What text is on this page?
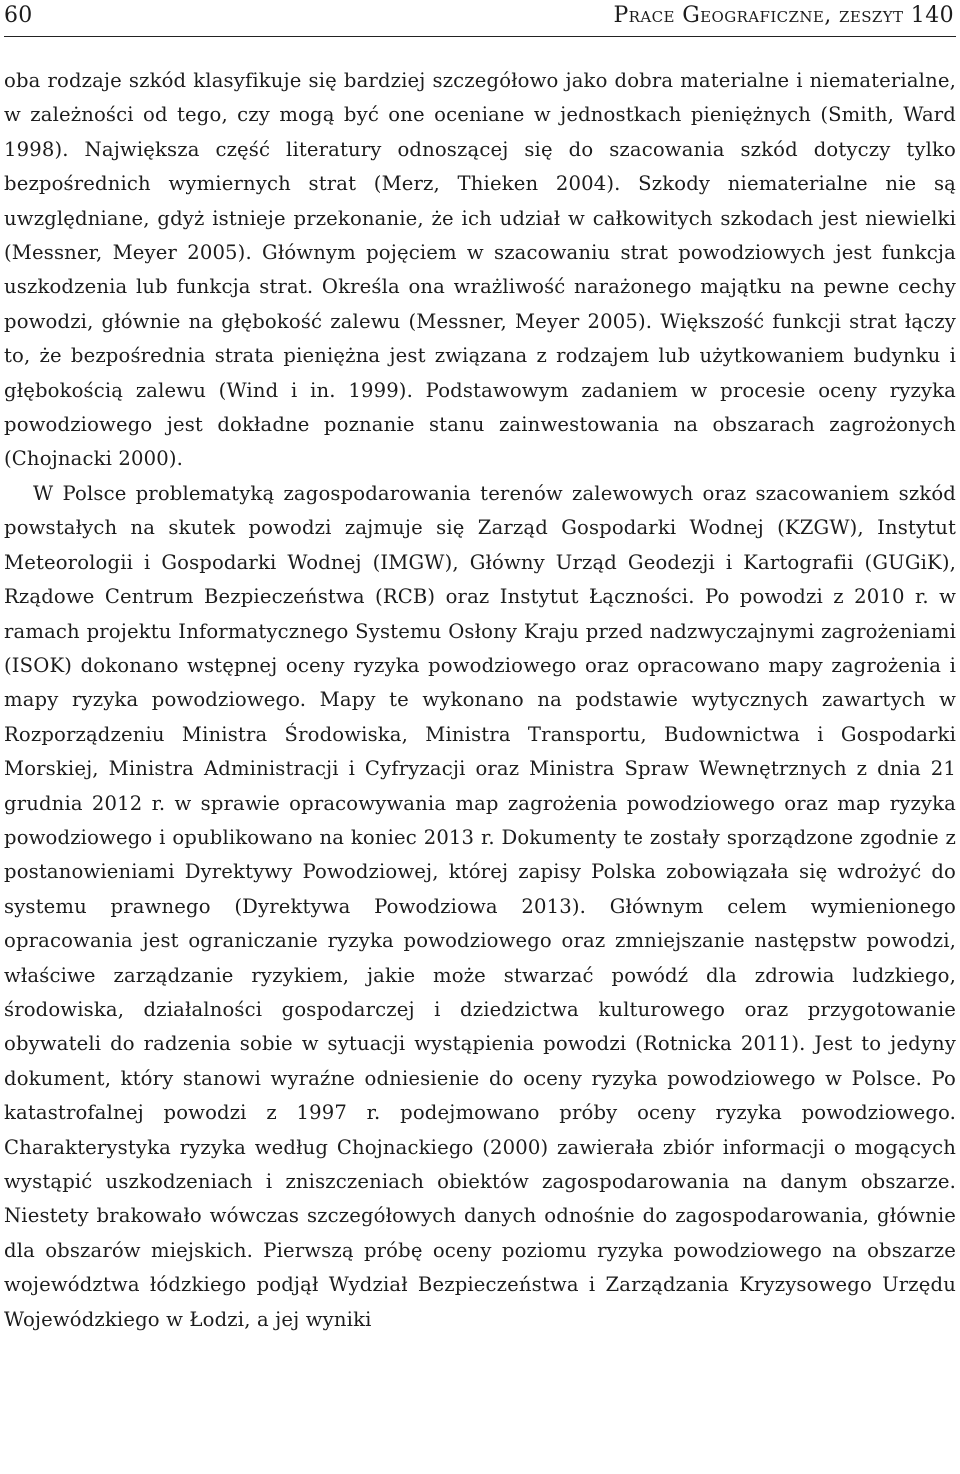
60	Prace Geograficzne, zeszyt 140

oba rodzaje szkód klasyfikuje się bardziej szczegółowo jako dobra materialne i niematerialne, w zależności od tego, czy mogą być one oceniane w jednostkach pieniężnych (Smith, Ward 1998). Największa część literatury odnoszącej się do szacowania szkód dotyczy tylko bezpośrednich wymiernych strat (Merz, Thieken 2004). Szkody niematerialne nie są uwzględniane, gdyż istnieje przekonanie, że ich udział w całkowitych szkodach jest niewielki (Messner, Meyer 2005). Głównym pojęciem w szacowaniu strat powodziowych jest funkcja uszkodzenia lub funkcja strat. Określa ona wrażliwość narażonego majątku na pewne cechy powodzi, głównie na głębokość zalewu (Messner, Meyer 2005). Większość funkcji strat łączy to, że bezpośrednia strata pieniężna jest związana z rodzajem lub użytkowaniem budynku i głębokością zalewu (Wind i in. 1999). Podstawowym zadaniem w procesie oceny ryzyka powodziowego jest dokładne poznanie stanu zainwestowania na obszarach zagrożonych (Chojnacki 2000).

W Polsce problematyką zagospodarowania terenów zalewowych oraz szacowaniem szkód powstałych na skutek powodzi zajmuje się Zarząd Gospodarki Wodnej (KZGW), Instytut Meteorologii i Gospodarki Wodnej (IMGW), Główny Urząd Geodezji i Kartografii (GUGiK), Rządowe Centrum Bezpieczeństwa (RCB) oraz Instytut Łączności. Po powodzi z 2010 r. w ramach projektu Informatycznego Systemu Osłony Kraju przed nadzwyczajnymi zagrożeniami (ISOK) dokonano wstępnej oceny ryzyka powodziowego oraz opracowano mapy zagrożenia i mapy ryzyka powodziowego. Mapy te wykonano na podstawie wytycznych zawartych w Rozporządzeniu Ministra Środowiska, Ministra Transportu, Budownictwa i Gospodarki Morskiej, Ministra Administracji i Cyfryzacji oraz Ministra Spraw Wewnętrznych z dnia 21 grudnia 2012 r. w sprawie opracowywania map zagrożenia powodziowego oraz map ryzyka powodziowego i opublikowano na koniec 2013 r. Dokumenty te zostały sporządzone zgodnie z postanowieniami Dyrektywy Powodziowej, której zapisy Polska zobowiązała się wdrożyć do systemu prawnego (Dyrektywa Powodziowa 2013). Głównym celem wymienionego opracowania jest ograniczanie ryzyka powodziowego oraz zmniejszanie następstw powodzi, właściwe zarządzanie ryzykiem, jakie może stwarzać powódź dla zdrowia ludzkiego, środowiska, działalności gospodarczej i dziedzictwa kulturowego oraz przygotowanie obywateli do radzenia sobie w sytuacji wystąpienia powodzi (Rotnicka 2011). Jest to jedyny dokument, który stanowi wyraźne odniesienie do oceny ryzyka powodziowego w Polsce. Po katastrofalnej powodzi z 1997 r. podejmowano próby oceny ryzyka powodziowego. Charakterystyka ryzyka według Chojnackiego (2000) zawierała zbiór informacji o mogących wystąpić uszkodzeniach i zniszczeniach obiektów zagospodarowania na danym obszarze. Niestety brakowało wówczas szczegółowych danych odnośnie do zagospodarowania, głównie dla obszarów miejskich. Pierwszą próbę oceny poziomu ryzyka powodziowego na obszarze województwa łódzkiego podjął Wydział Bezpieczeństwa i Zarządzania Kryzysowego Urzędu Wojewódzkiego w Łodzi, a jej wyniki
